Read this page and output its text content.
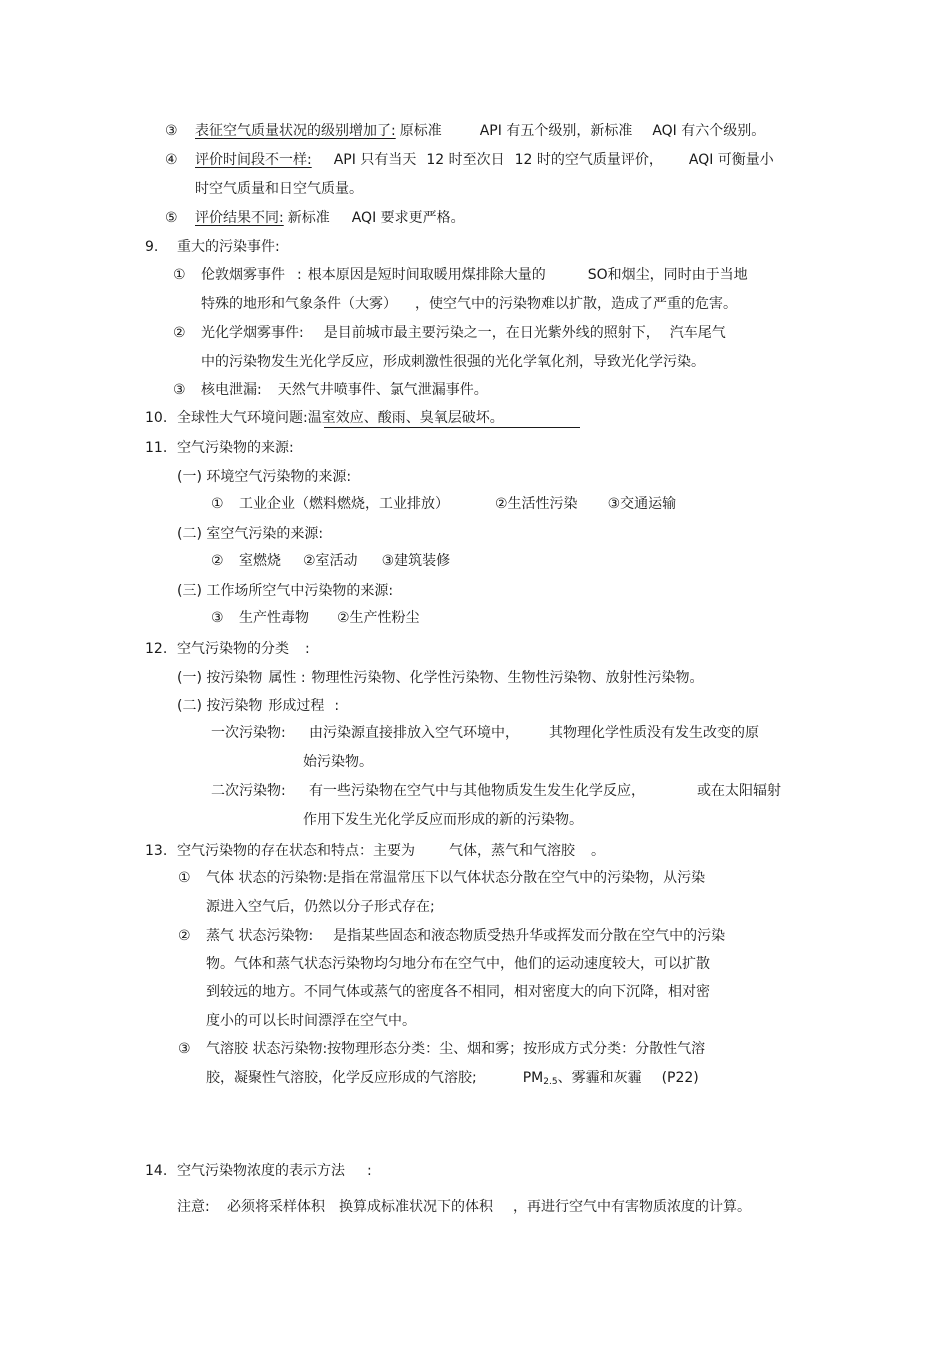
③ 表征空气质量状况的级别增加了: 原标准	API 有五个级别，新标准 AQI 有六个级别。
④ 评价时间段不一样: API 只有当天 12 时至次日 12 时的空气质量评价， AQI 可衡量小
时空气质量和日空气质量。
⑤ 评价结果不同: 新标准 AQI 要求更严格。
9. 重大的污染事件:
① 伦敦烟雾事件 : 根本原因是短时间取暖用煤排除大量的	SO和烟尘，同时由于当地
特殊的地形和气象条件（大雾） ，使空气中的污染物难以扩散，造成了严重的危害。
② 光化学烟雾事件: 是目前城市最主要污染之一，在日光紫外线的照射下， 汽车尾气
中的污染物发生光化学反应，形成刺激性很强的光化学氧化剂，导致光化学污染。
③ 核电泄漏: 天然气井喷事件、氯气泄漏事件。
10. 全球性大气环境问题:温室效应、酸雨、臭氧层破坏。
11. 空气污染物的来源:
(一) 环境空气污染物的来源:
① 工业企业（燃料燃烧，工业排放）	②生活性污染 ③交通运输
(二) 室空气污染的来源:
② 室燃烧 ②室活动 ③建筑装修
(三) 工作场所空气中污染物的来源:
③ 生产性毒物 ②生产性粉尘
12. 空气污染物的分类 :
(一) 按污染物 属性 : 物理性污染物、化学性污染物、生物性污染物、放射性污染物。
(二) 按污染物 形成过程 :
一次污染物: 由污染源直接排放入空气环境中， 其物理化学性质没有发生改变的原
始污染物。
二次污染物: 有一些污染物在空气中与其他物质发生发生化学反应，	或在太阳辐射
作用下发生光化学反应而形成的新的污染物。
13. 空气污染物的存在状态和特点：主要为 气体，蒸气和气溶胶 。
① 气体 状态的污染物:是指在常温常压下以气体状态分散在空气中的污染物，从污染
源进入空气后，仍然以分子形式存在;
② 蒸气 状态污染物: 是指某些固态和液态物质受热升华或挥发而分散在空气中的污染
物。气体和蒸气状态污染物均匀地分布在空气中，他们的运动速度较大，可以扩散
到较远的地方。不同气体或蒸气的密度各不相同，相对密度大的向下沉降，相对密
度小的可以长时间漂浮在空气中。
③ 气溶胶 状态污染物:按物理形态分类：尘、烟和雾；按形成方式分类：分散性气溶
胶，凝聚性气溶胶，化学反应形成的气溶胶;	$PM_{2.5}$、雾霾和灰霾 (P22)
14. 空气污染物浓度的表示方法 :
注意: 必须将采样体积 换算成标准状况下的体积 ，再进行空气中有害物质浓度的计算。
